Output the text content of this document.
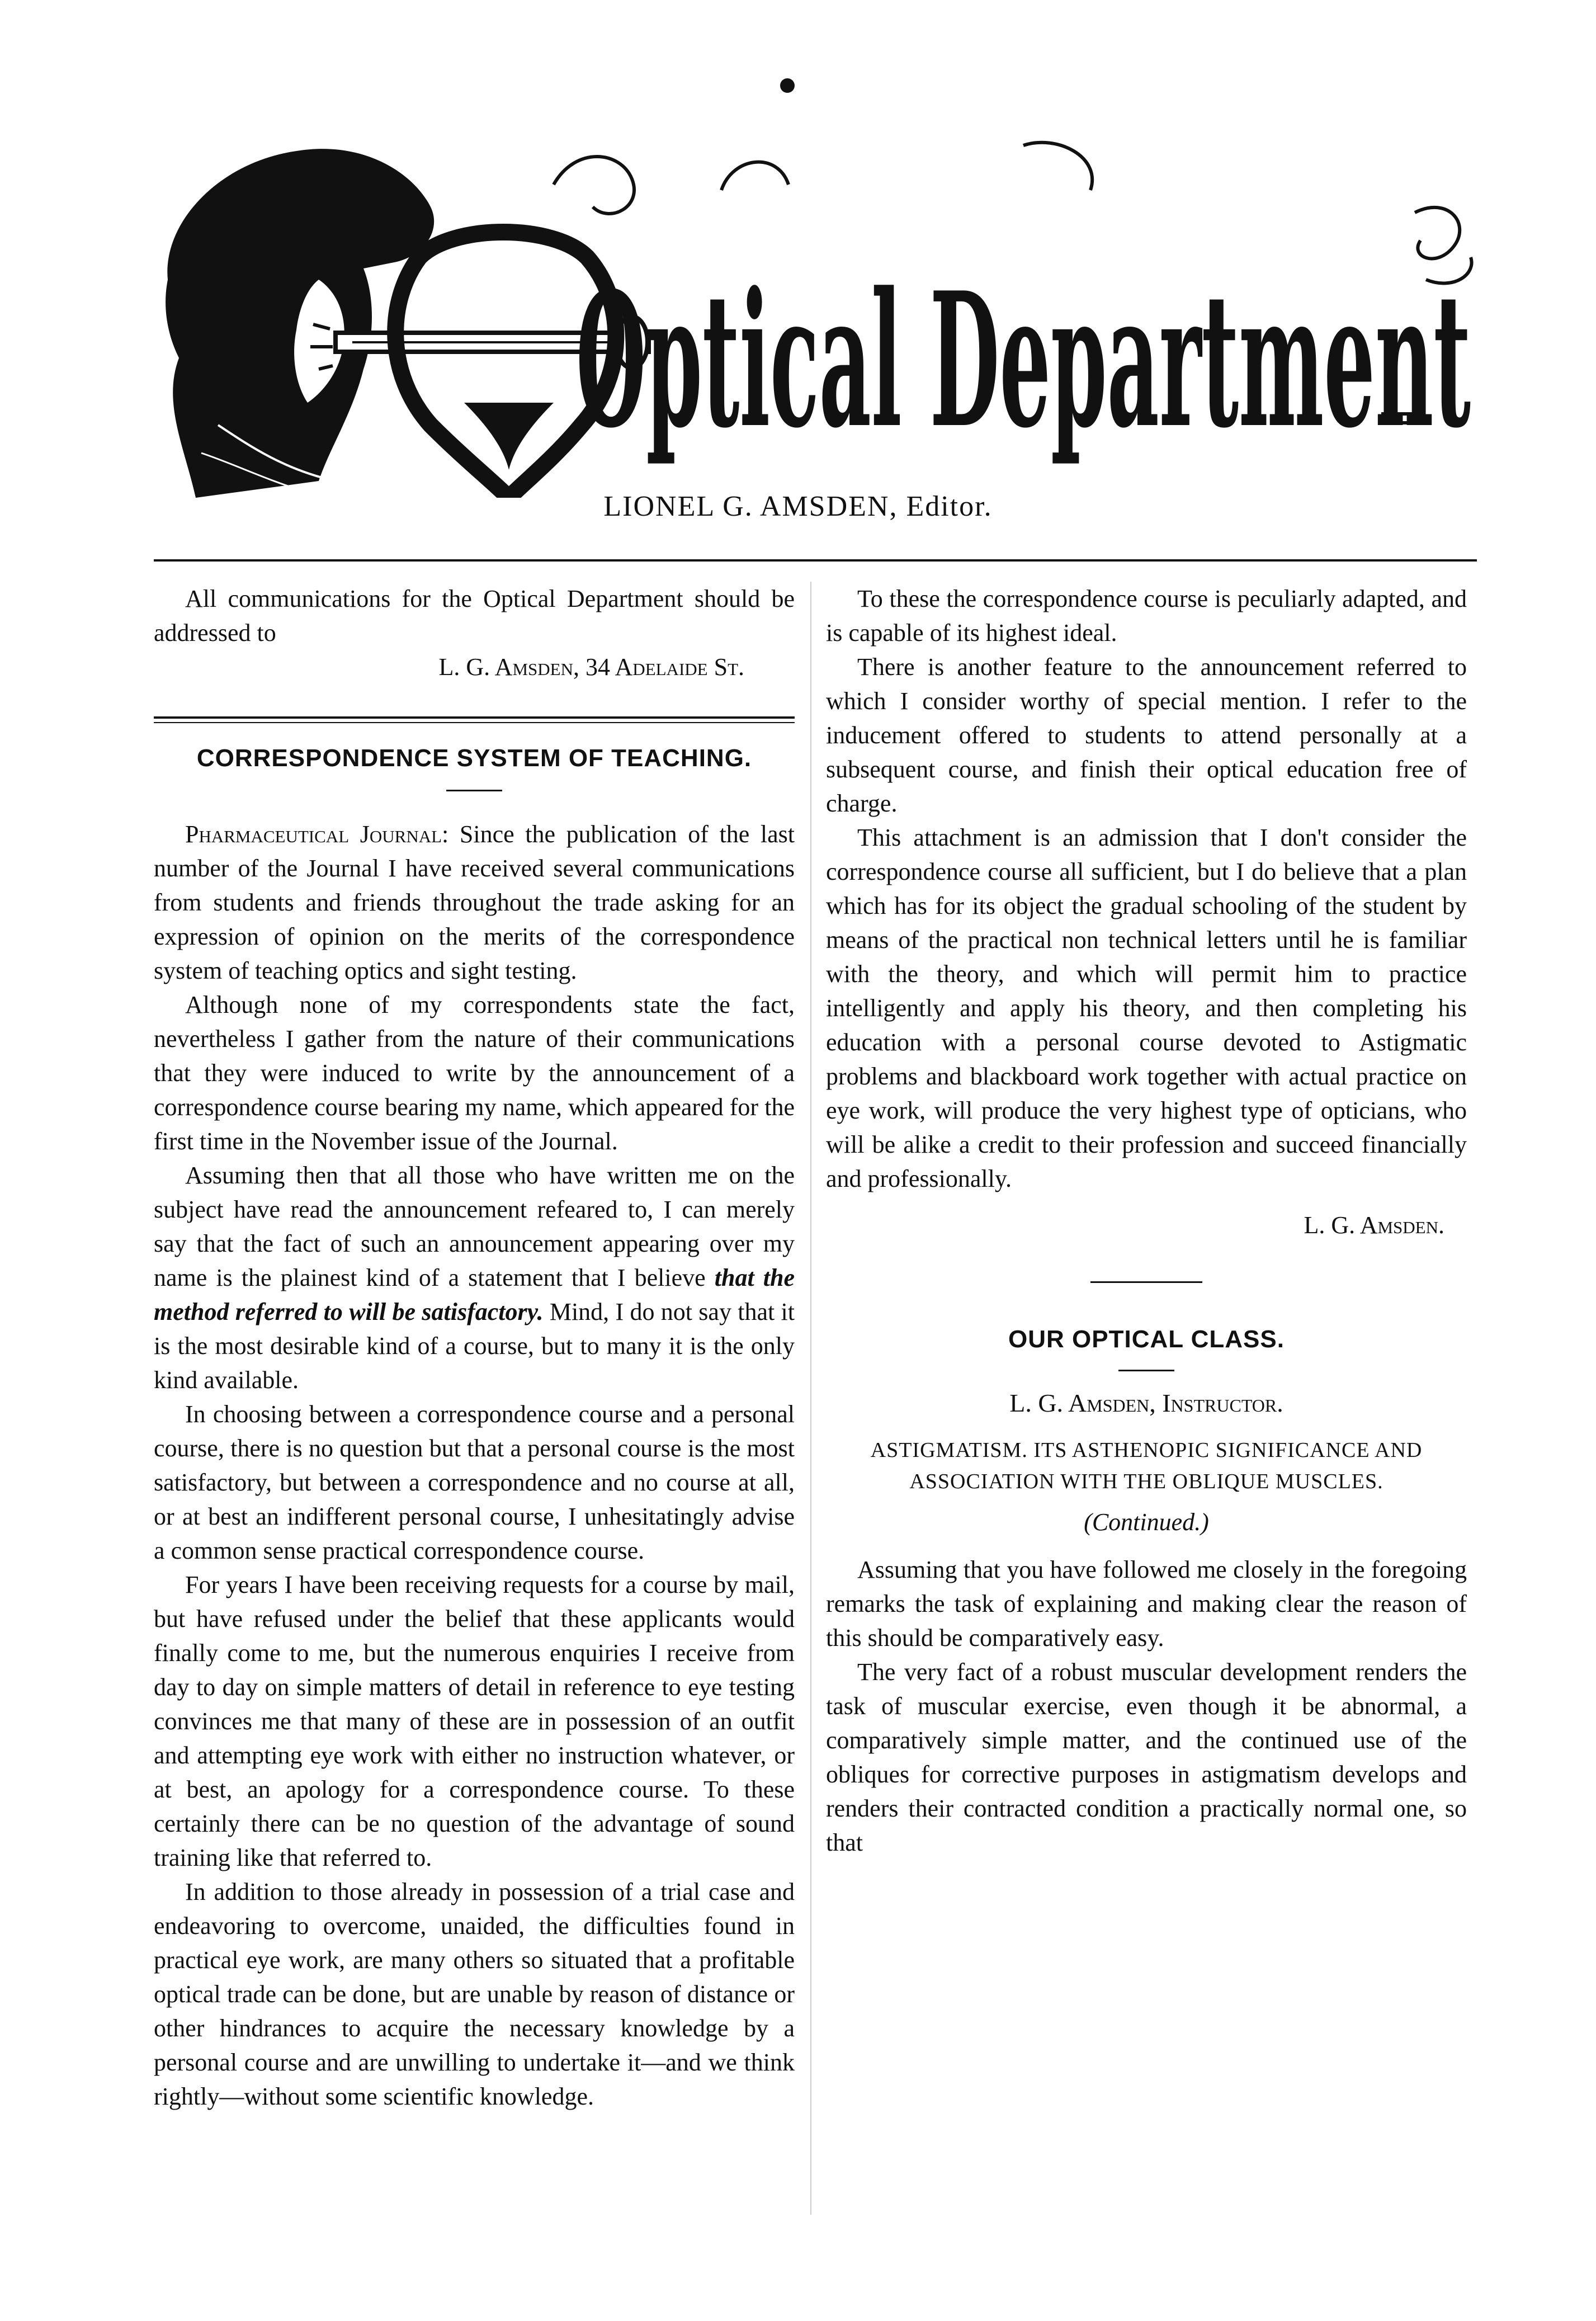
Optical Department
LIONEL G. AMSDEN, Editor.

All communications for the Optical Department should be addressed to

L. G. Amsden, 34 Adelaide St.
CORRESPONDENCE SYSTEM OF TEACHING.

Pharmaceutical Journal: Since the publication of the last number of the Journal I have received several communications from students and friends throughout the trade asking for an expression of opinion on the merits of the correspondence system of teaching optics and sight testing.

Although none of my correspondents state the fact, nevertheless I gather from the nature of their communications that they were induced to write by the announcement of a correspondence course bearing my name, which appeared for the first time in the November issue of the Journal.

Assuming then that all those who have written me on the subject have read the announcement refeared to, I can merely say that the fact of such an announcement appearing over my name is the plainest kind of a statement that I believe that the method referred to will be satisfactory. Mind, I do not say that it is the most desirable kind of a course, but to many it is the only kind available.

In choosing between a correspondence course and a personal course, there is no question but that a personal course is the most satisfactory, but between a correspondence and no course at all, or at best an indifferent personal course, I unhesitatingly advise a common sense practical correspondence course.

For years I have been receiving requests for a course by mail, but have refused under the belief that these applicants would finally come to me, but the numerous enquiries I receive from day to day on simple matters of detail in reference to eye testing convinces me that many of these are in possession of an outfit and attempting eye work with either no instruction whatever, or at best, an apology for a correspondence course. To these certainly there can be no question of the advantage of sound training like that referred to.

In addition to those already in possession of a trial case and endeavoring to overcome, unaided, the difficulties found in practical eye work, are many others so situated that a profitable optical trade can be done, but are unable by reason of distance or other hindrances to acquire the necessary knowledge by a personal course and are unwilling to undertake it—and we think rightly—without some scientific knowledge.

To these the correspondence course is peculiarly adapted, and is capable of its highest ideal.

There is another feature to the announcement referred to which I consider worthy of special mention. I refer to the inducement offered to students to attend personally at a subsequent course, and finish their optical education free of charge.

This attachment is an admission that I don't consider the correspondence course all sufficient, but I do believe that a plan which has for its object the gradual schooling of the student by means of the practical non technical letters until he is familiar with the theory, and which will permit him to practice intelligently and apply his theory, and then completing his education with a personal course devoted to Astigmatic problems and blackboard work together with actual practice on eye work, will produce the very highest type of opticians, who will be alike a credit to their profession and succeed financially and professionally.

L. G. Amsden.
OUR OPTICAL CLASS.
L. G. Amsden, Instructor.
ASTIGMATISM. ITS ASTHENOPIC SIGNIFICANCE AND ASSOCIATION WITH THE OBLIQUE MUSCLES.
(Continued.)

Assuming that you have followed me closely in the foregoing remarks the task of explaining and making clear the reason of this should be comparatively easy.

The very fact of a robust muscular development renders the task of muscular exercise, even though it be abnormal, a comparatively simple matter, and the continued use of the obliques for corrective purposes in astigmatism develops and renders their contracted condition a practically normal one, so that
